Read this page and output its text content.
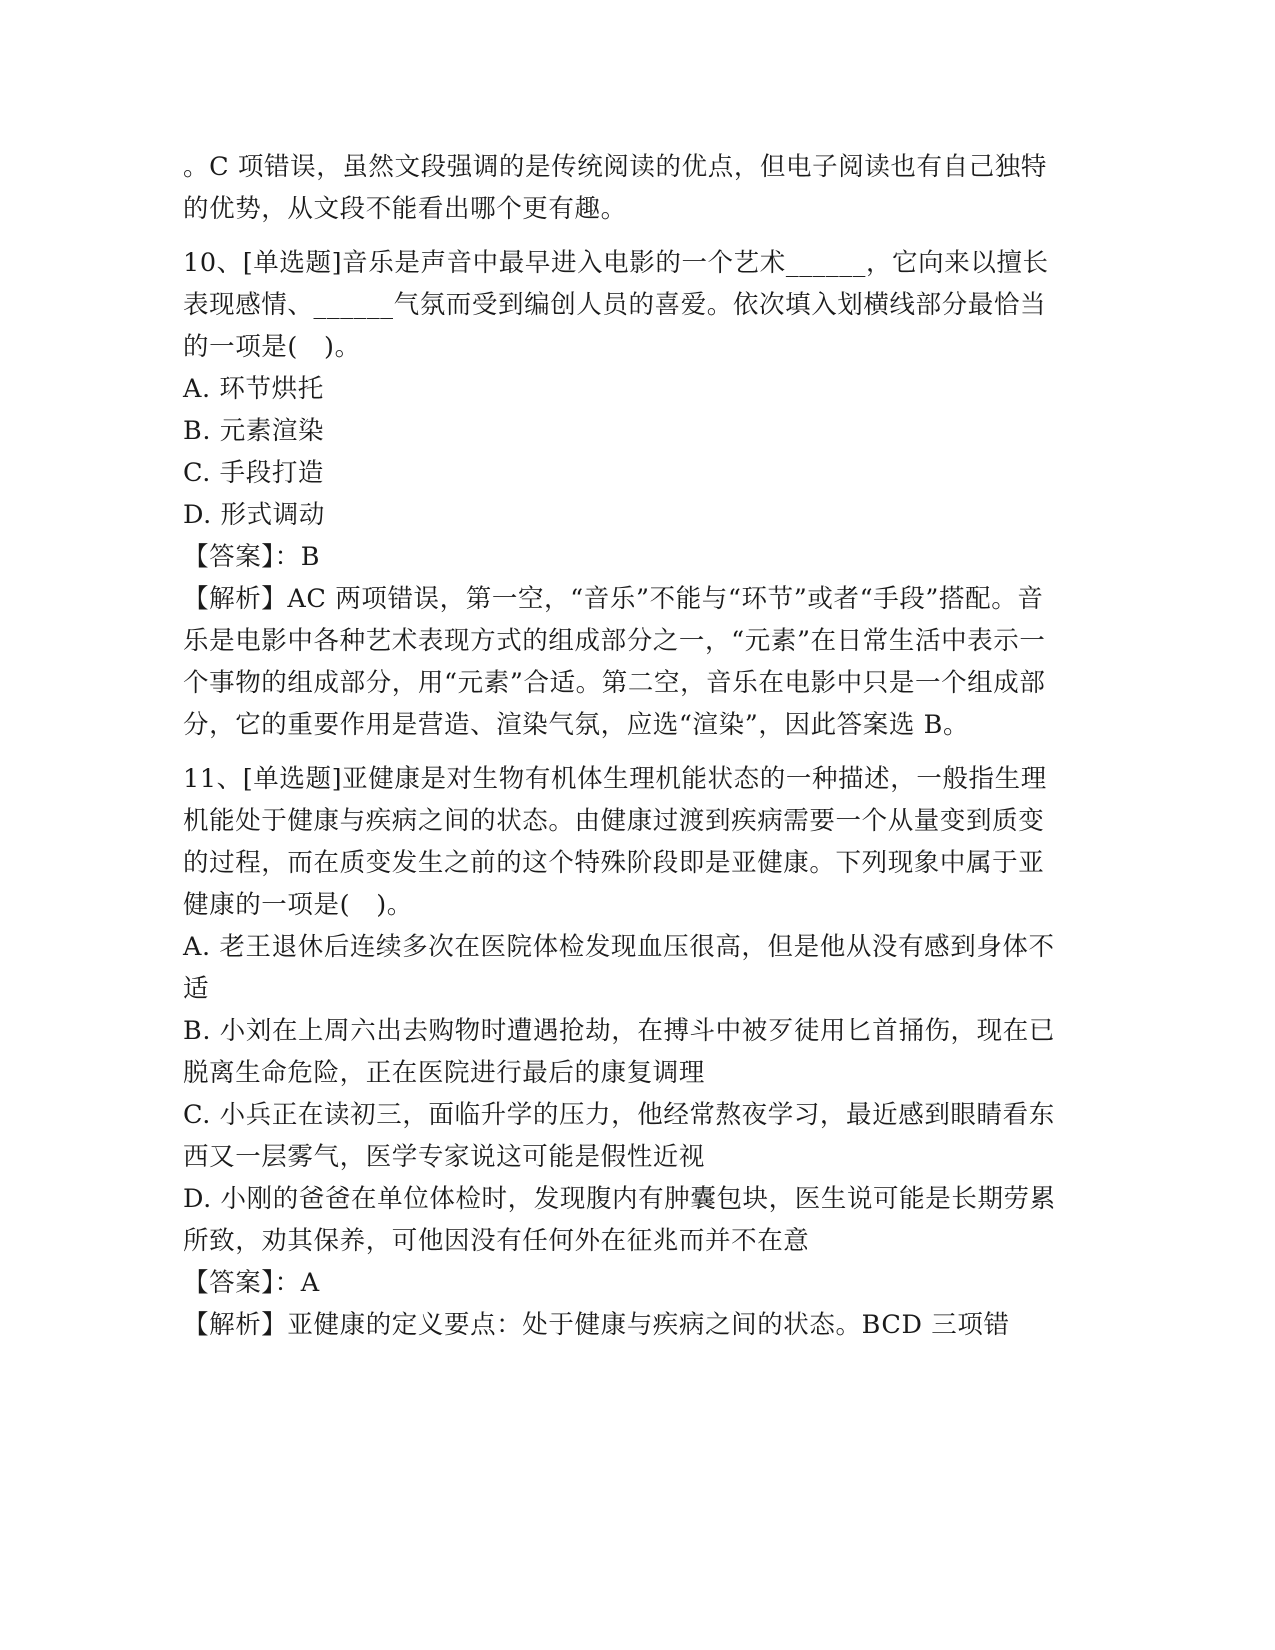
。C 项错误，虽然文段强调的是传统阅读的优点，但电子阅读也有自己独特的优势，从文段不能看出哪个更有趣。

10、[单选题]音乐是声音中最早进入电影的一个艺术______，它向来以擅长表现感情、______气氛而受到编创人员的喜爱。依次填入划横线部分最恰当的一项是(　)。

A. 环节烘托

B. 元素渲染

C. 手段打造

D. 形式调动

【答案】：B

【解析】AC 两项错误，第一空，“音乐”不能与“环节”或者“手段”搭配。音乐是电影中各种艺术表现方式的组成部分之一，“元素”在日常生活中表示一个事物的组成部分，用“元素”合适。第二空，音乐在电影中只是一个组成部分，它的重要作用是营造、渲染气氛，应选“渲染”，因此答案选 B。

11、[单选题]亚健康是对生物有机体生理机能状态的一种描述，一般指生理机能处于健康与疾病之间的状态。由健康过渡到疾病需要一个从量变到质变的过程，而在质变发生之前的这个特殊阶段即是亚健康。下列现象中属于亚健康的一项是(　)。

A. 老王退休后连续多次在医院体检发现血压很高，但是他从没有感到身体不适

B. 小刘在上周六出去购物时遭遇抢劫，在搏斗中被歹徒用匕首捅伤，现在已脱离生命危险，正在医院进行最后的康复调理

C. 小兵正在读初三，面临升学的压力，他经常熬夜学习，最近感到眼睛看东西又一层雾气，医学专家说这可能是假性近视

D. 小刚的爸爸在单位体检时，发现腹内有肿囊包块，医生说可能是长期劳累所致，劝其保养，可他因没有任何外在征兆而并不在意

【答案】：A

【解析】亚健康的定义要点：处于健康与疾病之间的状态。BCD 三项错
